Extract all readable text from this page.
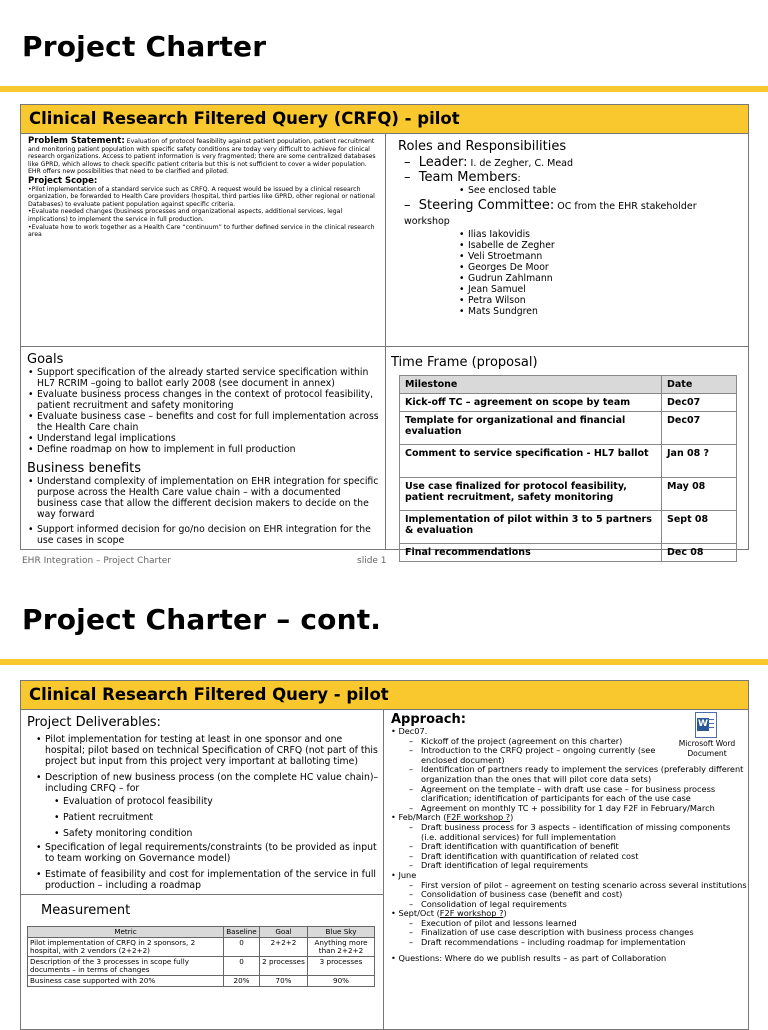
Project Charter
Clinical Research Filtered Query (CRFQ) - pilot
Problem Statement: Evaluation of protocol feasibility against patient population, patient recruitment and monitoring patient population with specific safety conditions are today very difficult to achieve for clinical research organizations. Access to patient information is very fragmented; there are some centralized databases like GPRD, which allows to check specific patient criteria but this is not sufficient to cover a wider population. EHR offers new possibilities that need to be clarified and piloted.
Project Scope:
•Pilot implementation of a standard service such as CRFQ. A request would be issued by a clinical research organization, be forwarded to Health Care providers (hospital, third parties like GPRD, other regional or national Databases) to evaluate patient population against specific criteria.
•Evaluate needed changes (business processes and organizational aspects, additional services, legal implications) to implement the service in full production.
•Evaluate how to work together as a Health Care “continuum” to further defined service in the clinical research area
Roles and Responsibilities
–  Leader: I. de Zegher, C. Mead
–  Team Members:
• See enclosed table
–  Steering Committee: OC from the EHR stakeholder workshop
• Ilias Iakovidis
• Isabelle de Zegher
• Veli Stroetmann
• Georges De Moor
• Gudrun Zahlmann
• Jean Samuel
• Petra Wilson
• Mats Sundgren
Goals
• Support specification of the already started service specification within HL7 RCRIM –going to ballot early 2008 (see document in annex)
• Evaluate business process changes in the context of protocol feasibility, patient recruitment and safety monitoring
• Evaluate business case – benefits and cost for full implementation across the Health Care chain
• Understand legal implications
• Define roadmap on how to implement in full production
Business benefits
• Understand complexity of implementation on EHR integration for specific purpose across the Health Care value chain – with a documented business case that allow the different decision makers to decide on the way forward
• Support informed decision for go/no decision on EHR integration for the use cases in scope
Time Frame (proposal)
Milestone	Date
Kick-off TC – agreement on scope by team	Dec07
Template for organizational and financial evaluation	Dec07
Comment to service specification - HL7 ballot	Jan 08 ?
Use case finalized for protocol feasibility, patient recruitment, safety monitoring	May 08
Implementation of pilot within 3 to 5 partners & evaluation	Sept 08
Final recommendations	Dec 08
EHR Integration – Project Charter	slide 1
Project Charter – cont.
Clinical Research Filtered Query - pilot
Project Deliverables:
• Pilot implementation for testing at least in one sponsor and one hospital; pilot based on technical Specification of CRFQ (not part of this project but input from this project very important at balloting time)
• Description of new business process (on the complete HC value chain)– including CRFQ – for
• Evaluation of protocol feasibility
• Patient recruitment
• Safety monitoring condition
• Specification of legal requirements/constraints (to be provided as input to team working on Governance model)
• Estimate of feasibility and cost for implementation of the service in full production – including a roadmap
Measurement
Metric	Baseline	Goal	Blue Sky
Pilot implementation of CRFQ in 2 sponsors, 2 hospital, with 2 vendors (2+2+2)	0	2+2+2	Anything more than 2+2+2
Description of the 3 processes in scope fully documents – in terms of changes	0	2 processes	3 processes
Business case supported with 20%	20%	70%	90%
Approach:	W
Microsoft Word Document
• Dec07.
– Kickoff of the project (agreement on this charter)
– Introduction to the CRFQ project – ongoing currently (see enclosed document)
– Identification of partners ready to implement the services (preferably different organization than the ones that will pilot core data sets)
– Agreement on the template – with draft use case – for business process clarification; identification of participants for each of the use case
– Agreement on monthly TC + possibility for 1 day F2F in February/March
• Feb/March (F2F workshop ?)
– Draft business process for 3 aspects – identification of missing components (i.e. additional services) for full implementation
– Draft identification with quantification of benefit
– Draft identification with quantification of related cost
– Draft identification of legal requirements
• June
– First version of pilot – agreement on testing scenario across several institutions
– Consolidation of business case (benefit and cost)
– Consolidation of legal requirements
• Sept/Oct (F2F workshop ?)
– Execution of pilot and lessons learned
– Finalization of use case description with business process changes
– Draft recommendations – including roadmap for implementation
• Questions: Where do we publish results – as part of Collaboration
